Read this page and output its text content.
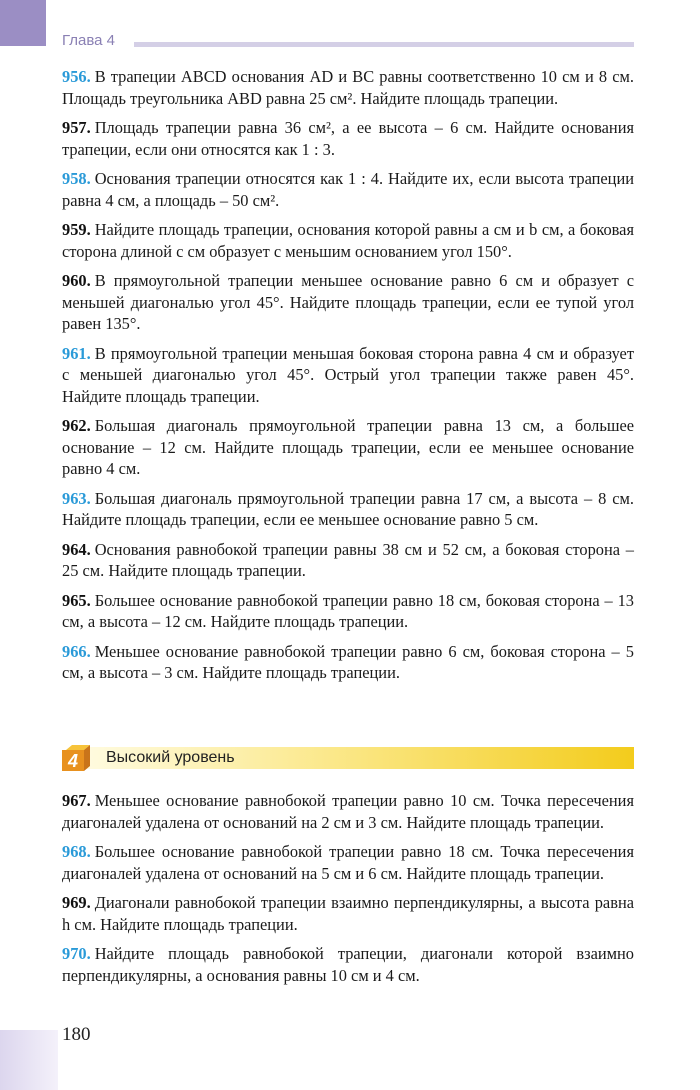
Глава 4

956. В трапеции ABCD основания AD и BC равны соответственно 10 см и 8 см. Площадь треугольника ABD равна 25 см². Найдите площадь трапеции.

957. Площадь трапеции равна 36 см², а ее высота – 6 см. Найдите основания трапеции, если они относятся как 1 : 3.

958. Основания трапеции относятся как 1 : 4. Найдите их, если высота трапеции равна 4 см, а площадь – 50 см².

959. Найдите площадь трапеции, основания которой равны a см и b см, а боковая сторона длиной c см образует с меньшим основанием угол 150°.

960. В прямоугольной трапеции меньшее основание равно 6 см и образует с меньшей диагональю угол 45°. Найдите площадь трапеции, если ее тупой угол равен 135°.

961. В прямоугольной трапеции меньшая боковая сторона равна 4 см и образует с меньшей диагональю угол 45°. Острый угол трапеции также равен 45°. Найдите площадь трапеции.

962. Большая диагональ прямоугольной трапеции равна 13 см, а большее основание – 12 см. Найдите площадь трапеции, если ее меньшее основание равно 4 см.

963. Большая диагональ прямоугольной трапеции равна 17 см, а высота – 8 см. Найдите площадь трапеции, если ее меньшее основание равно 5 см.

964. Основания равнобокой трапеции равны 38 см и 52 см, а боковая сторона – 25 см. Найдите площадь трапеции.

965. Большее основание равнобокой трапеции равно 18 см, боковая сторона – 13 см, а высота – 12 см. Найдите площадь трапеции.

966. Меньшее основание равнобокой трапеции равно 6 см, боковая сторона – 5 см, а высота – 3 см. Найдите площадь трапеции.

4 Высокий уровень

967. Меньшее основание равнобокой трапеции равно 10 см. Точка пересечения диагоналей удалена от оснований на 2 см и 3 см. Найдите площадь трапеции.

968. Большее основание равнобокой трапеции равно 18 см. Точка пересечения диагоналей удалена от оснований на 5 см и 6 см. Найдите площадь трапеции.

969. Диагонали равнобокой трапеции взаимно перпендикулярны, а высота равна h см. Найдите площадь трапеции.

970. Найдите площадь равнобокой трапеции, диагонали которой взаимно перпендикулярны, а основания равны 10 см и 4 см.

180
